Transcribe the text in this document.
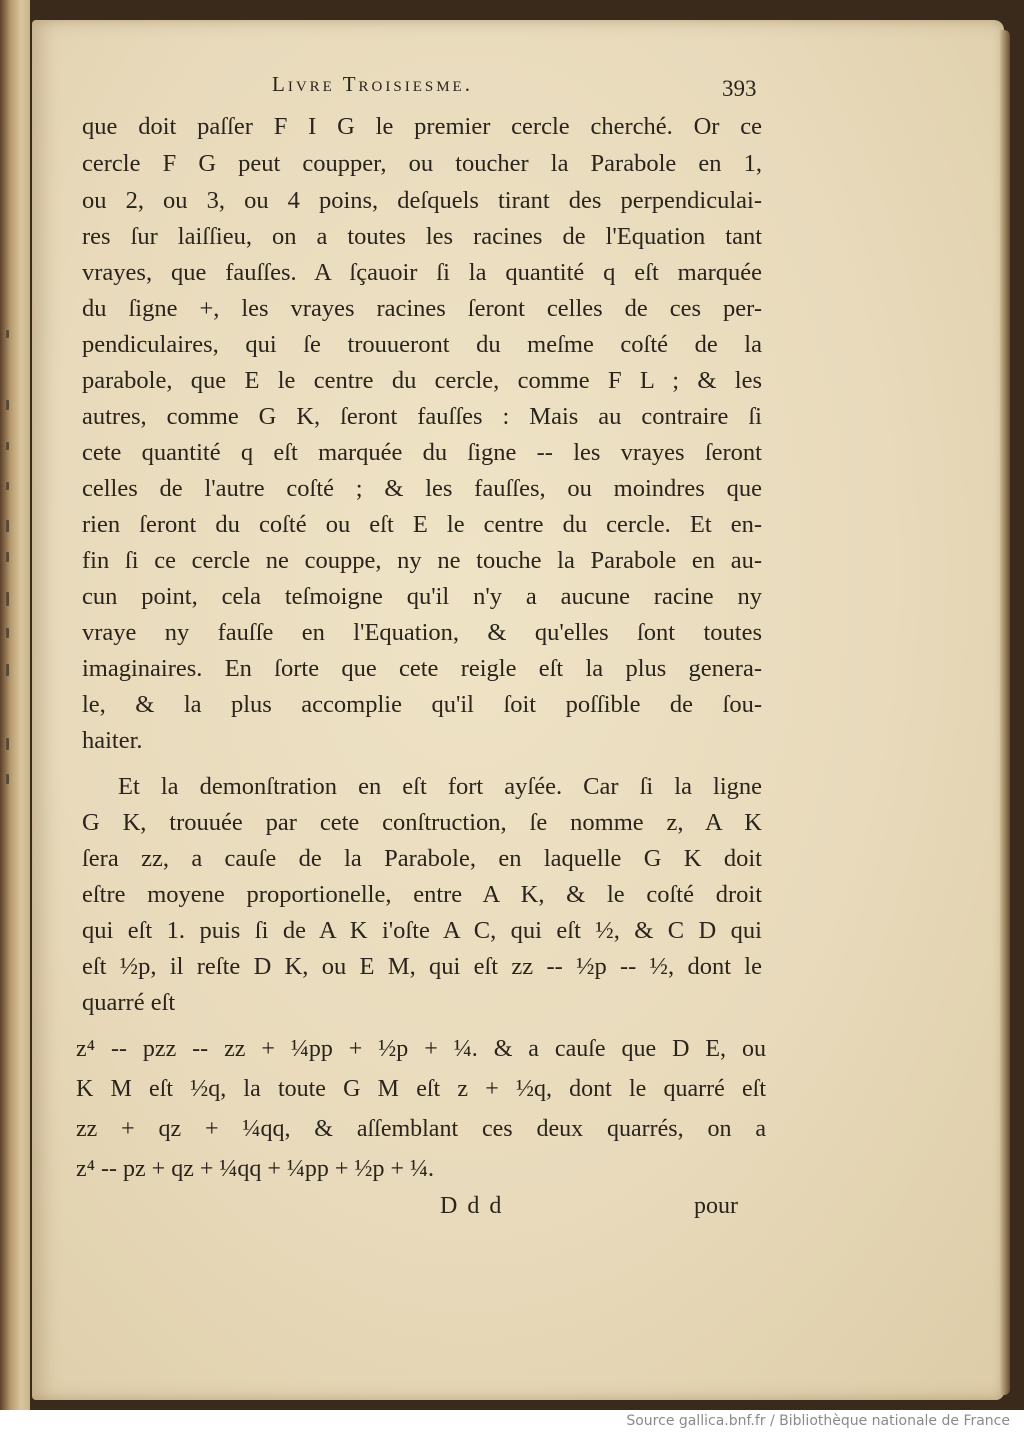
Livre Troisiesme.	393
que doit paſſer F I G le premier cercle cherché. Or ce
cercle F G peut coupper, ou toucher la Parabole en 1,
ou 2, ou 3, ou 4 poins, deſquels tirant des perpendiculai-
res ſur laiſſieu, on a toutes les racines de l'Equation tant
vrayes, que fauſſes. A ſçauoir ſi la quantité q eſt marquée
du ſigne +, les vrayes racines ſeront celles de ces per-
pendiculaires, qui ſe trouueront du meſme coſté de la
parabole, que E le centre du cercle, comme F L ; & les
autres, comme G K, ſeront fauſſes : Mais au contraire ſi
cete quantité q eſt marquée du ſigne -- les vrayes ſeront
celles de l'autre coſté ; & les fauſſes, ou moindres que
rien ſeront du coſté ou eſt E le centre du cercle. Et en-
fin ſi ce cercle ne couppe, ny ne touche la Parabole en au-
cun point, cela teſmoigne qu'il n'y a aucune racine ny
vraye ny fauſſe en l'Equation, & qu'elles ſont toutes
imaginaires. En ſorte que cete reigle eſt la plus genera-
le, & la plus accomplie qu'il ſoit poſſible de ſou-
haiter.
Et la demonſtration en eſt fort ayſée. Car ſi la ligne
G K, trouuée par cete conſtruction, ſe nomme z, A K
ſera zz, a cauſe de la Parabole, en laquelle G K doit
eſtre moyene proportionelle, entre A K, & le coſté droit
qui eſt 1. puis ſi de A K i'oſte A C, qui eſt ½, & C D qui
eſt ½p, il reſte D K, ou E M, qui eſt zz -- ½p -- ½, dont le
quarré eſt
z⁴ -- pzz -- zz + ¼pp + ½p + ¼. & a cauſe que D E, ou
K M eſt ½q, la toute G M eſt z + ½q, dont le quarré eſt
zz + qz + ¼qq, & aſſemblant ces deux quarrés, on a
z⁴ -- pz + qz + ¼qq + ¼pp + ½p + ¼.
D d d	pour
Source gallica.bnf.fr / Bibliothèque nationale de France
